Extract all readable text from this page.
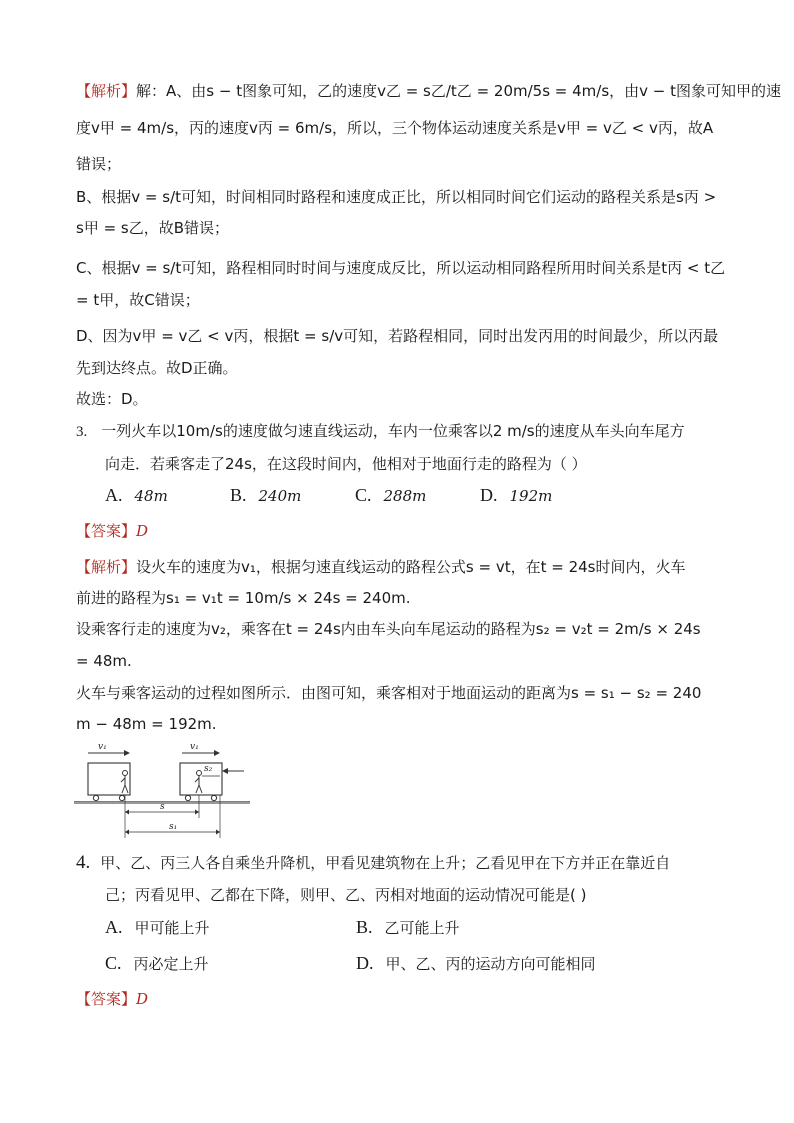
【解析】解：A、由s − t图象可知，乙的速度v乙 = s乙/t乙 = 20m/5s = 4m/s，由v − t图象可知甲的速
度v甲 = 4m/s，丙的速度v丙 = 6m/s，所以，三个物体运动速度关系是v甲 = v乙 < v丙，故A
错误；
B、根据v = s/t可知，时间相同时路程和速度成正比，所以相同时间它们运动的路程关系是s丙 >
s甲 = s乙，故B错误；
C、根据v = s/t可知，路程相同时时间与速度成反比，所以运动相同路程所用时间关系是t丙 < t乙
= t甲，故C错误；
D、因为v甲 = v乙 < v丙，根据t = s/v可知，若路程相同，同时出发丙用的时间最少，所以丙最
先到达终点。故D正确。
故选：D。
3. 一列火车以10m/s的速度做匀速直线运动，车内一位乘客以2 m/s的速度从车头向车尾方
向走．若乘客走了24s，在这段时间内，他相对于地面行走的路程为（ ）
A. 48m	B. 240m	C. 288m	D. 192m
【答案】D
【解析】设火车的速度为v₁，根据匀速直线运动的路程公式s = vt，在t = 24s时间内，火车
前进的路程为s₁ = v₁t = 10m/s × 24s = 240m.
设乘客行走的速度为v₂，乘客在t = 24s内由车头向车尾运动的路程为s₂ = v₂t = 2m/s × 24s
= 48m.
火车与乘客运动的过程如图所示．由图可知，乘客相对于地面运动的距离为s = s₁ − s₂ = 240
m − 48m = 192m.
v₁
s₂
v₁
s
s₁
4. 甲、乙、丙三人各自乘坐升降机，甲看见建筑物在上升；乙看见甲在下方并正在靠近自
己；丙看见甲、乙都在下降，则甲、乙、丙相对地面的运动情况可能是( )
A. 甲可能上升	B. 乙可能上升
C. 丙必定上升	D. 甲、乙、丙的运动方向可能相同
【答案】D
